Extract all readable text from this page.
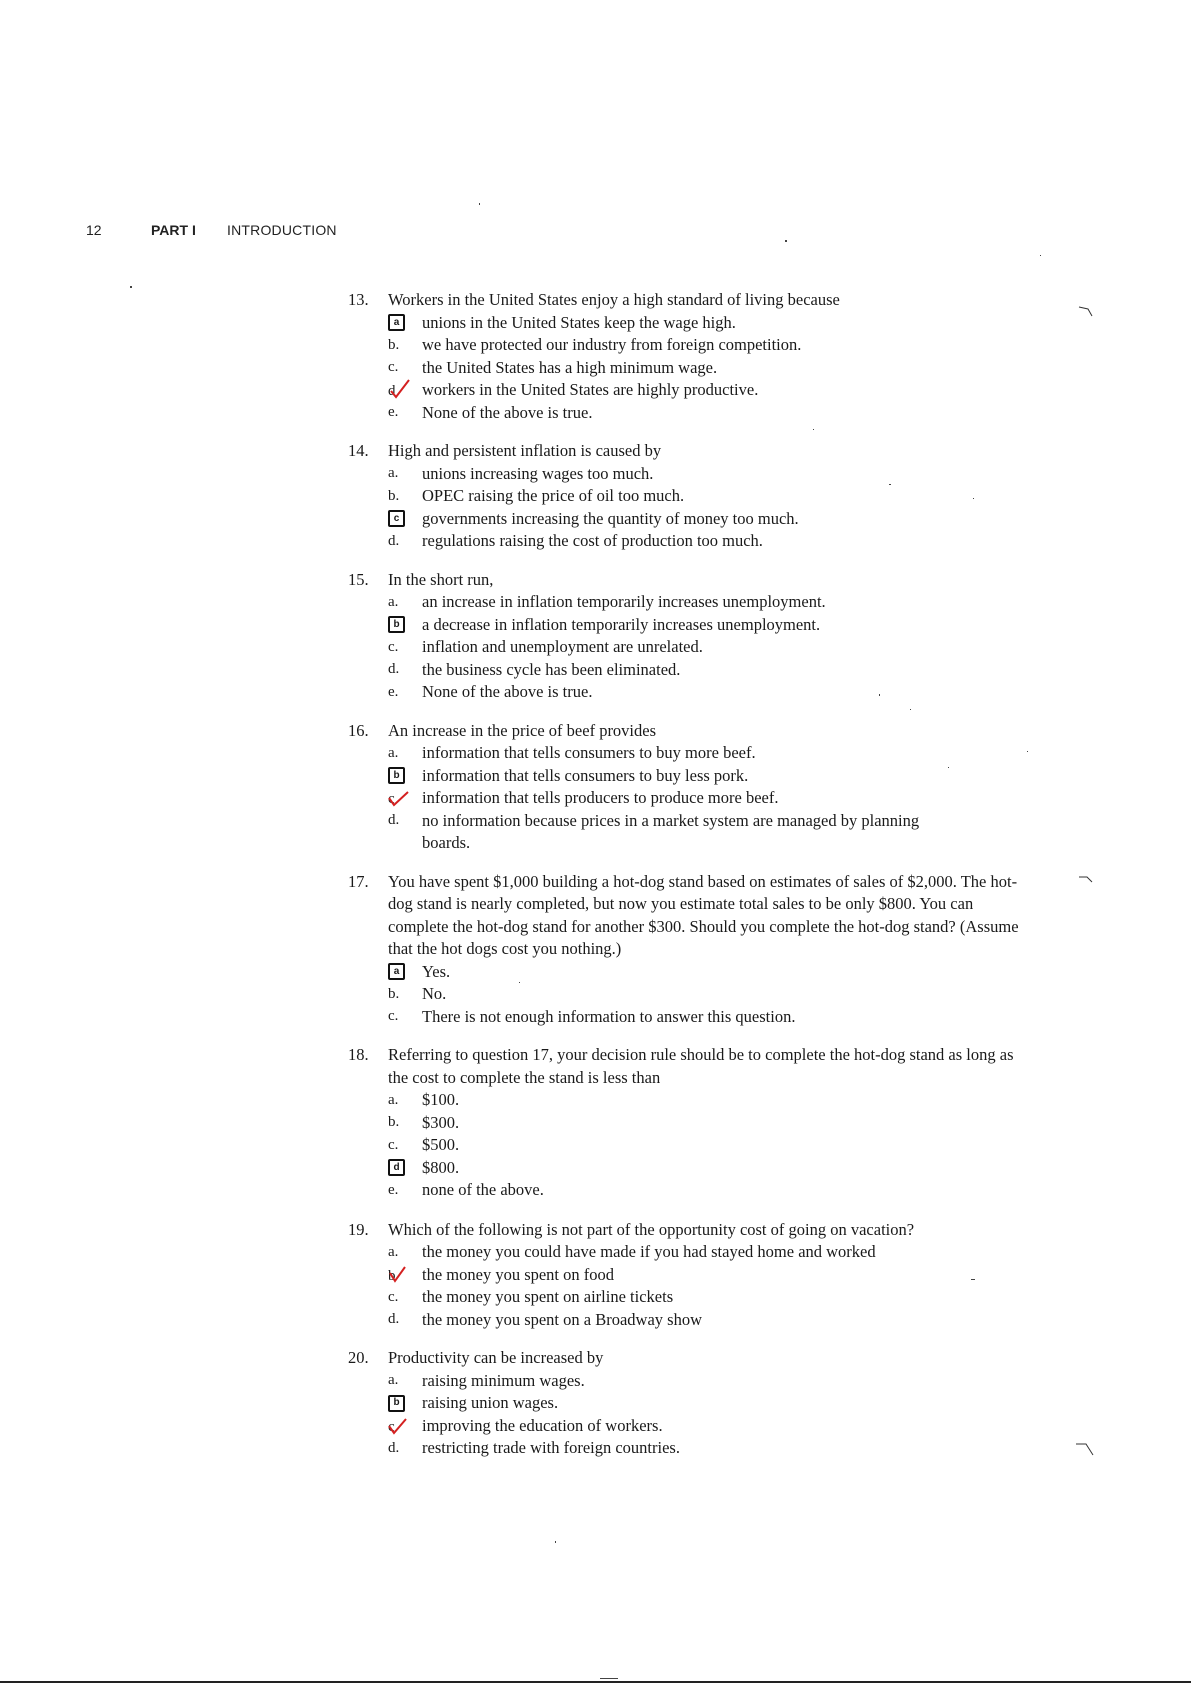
12	PART I INTRODUCTION
13.	Workers in the United States enjoy a high standard of living because
a	unions in the United States keep the wage high.
b.	we have protected our industry from foreign competition.
c.	the United States has a high minimum wage.
d workers in the United States are highly productive.
e.	None of the above is true.
14.	High and persistent inflation is caused by
a.	unions increasing wages too much.
b.	OPEC raising the price of oil too much.
c	governments increasing the quantity of money too much.
d.	regulations raising the cost of production too much.
15.	In the short run,
a.	an increase in inflation temporarily increases unemployment.
b	a decrease in inflation temporarily increases unemployment.
c.	inflation and unemployment are unrelated.
d.	the business cycle has been eliminated.
e.	None of the above is true.
16.	An increase in the price of beef provides
a.	information that tells consumers to buy more beef.
b	information that tells consumers to buy less pork.
c information that tells producers to produce more beef.
d.	no information because prices in a market system are managed by planning
boards.
17.	You have spent $1,000 building a hot-dog stand based on estimates of sales of $2,000. The hot-dog stand is nearly completed, but now you estimate total sales to be only $800. You can complete the hot-dog stand for another $300. Should you complete the hot-dog stand? (Assume that the hot dogs cost you nothing.)
a	Yes.
b.	No.
c.	There is not enough information to answer this question.
18.	Referring to question 17, your decision rule should be to complete the hot-dog stand as long as the cost to complete the stand is less than
a.	$100.
b.	$300.
c.	$500.
d	$800.
e.	none of the above.
19.	Which of the following is not part of the opportunity cost of going on vacation?
a.	the money you could have made if you had stayed home and worked
b the money you spent on food
c.	the money you spent on airline tickets
d.	the money you spent on a Broadway show
20.	Productivity can be increased by
a.	raising minimum wages.
b	raising union wages.
c improving the education of workers.
d.	restricting trade with foreign countries.
